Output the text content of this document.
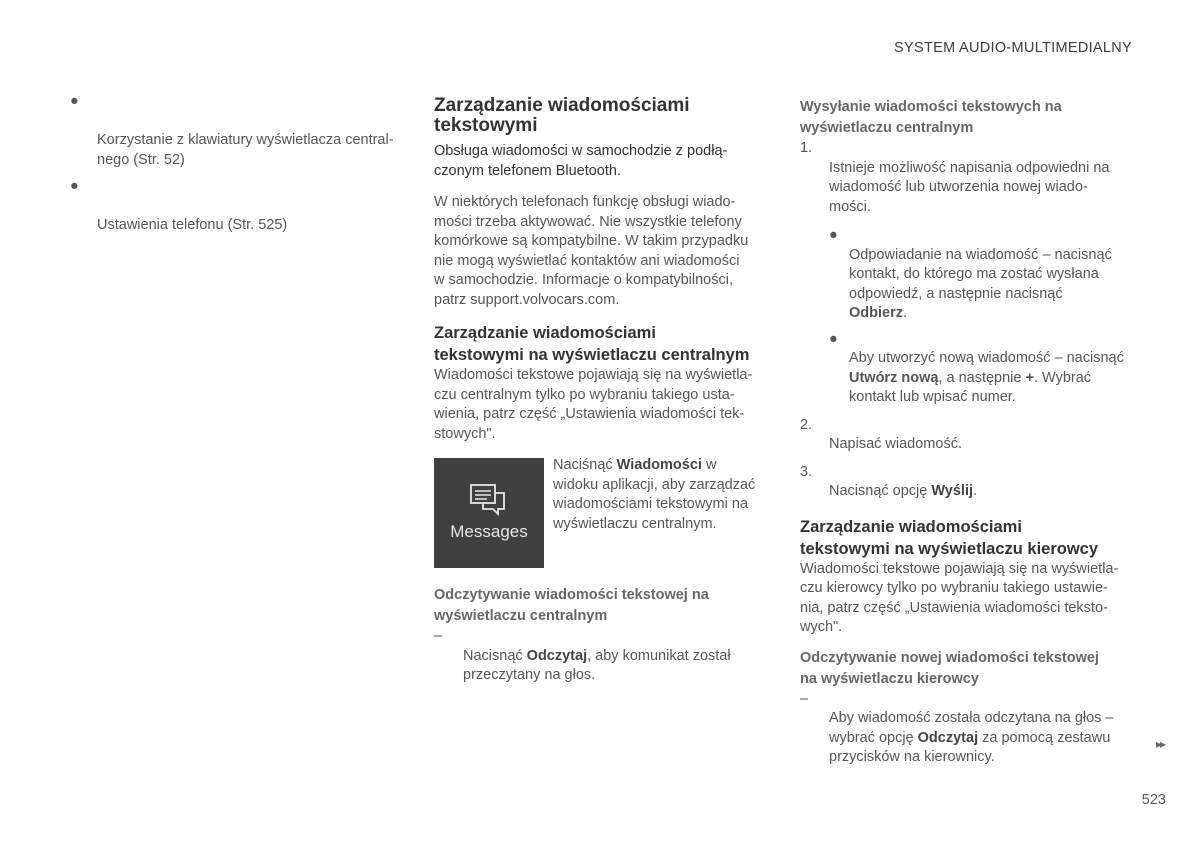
SYSTEM AUDIO-MULTIMEDIALNY

●

Korzystanie z klawiatury wyświetlacza central-
nego (Str. 52)

●

Ustawienia telefonu (Str. 525)

Zarządzanie wiadomościami
tekstowymi

Obsługa wiadomości w samochodzie z podłą-
czonym telefonem Bluetooth.

W niektórych telefonach funkcję obsługi wiado-
mości trzeba aktywować. Nie wszystkie telefony
komórkowe są kompatybilne. W takim przypadku
nie mogą wyświetlać kontaktów ani wiadomości
w samochodzie. Informacje o kompatybilności,
patrz support.volvocars.com.

Zarządzanie wiadomościami
tekstowymi na wyświetlaczu centralnym

Wiadomości tekstowe pojawiają się na wyświetla-
czu centralnym tylko po wybraniu takiego usta-
wienia, patrz część „Ustawienia wiadomości tek-
stowych".

Messages

Naciśnąć Wiadomości w
widoku aplikacji, aby zarządzać
wiadomościami tekstowymi na
wyświetlaczu centralnym.

Odczytywanie wiadomości tekstowej na
wyświetlaczu centralnym

–
Nacisnąć Odczytaj, aby komunikat został
przeczytany na głos.

Wysyłanie wiadomości tekstowych na
wyświetlaczu centralnym

1.
Istnieje możliwość napisania odpowiedni na
wiadomość lub utworzenia nowej wiado-
mości.

●
Odpowiadanie na wiadomość – nacisnąć
kontakt, do którego ma zostać wysłana
odpowiedź, a następnie nacisnąć
Odbierz.

●
Aby utworzyć nową wiadomość – nacisnąć
Utwórz nową, a następnie +. Wybrać
kontakt lub wpisać numer.

2.
Napisać wiadomość.

3.
Nacisnąć opcję Wyślij.

Zarządzanie wiadomościami
tekstowymi na wyświetlaczu kierowcy

Wiadomości tekstowe pojawiają się na wyświetla-
czu kierowcy tylko po wybraniu takiego ustawie-
nia, patrz część „Ustawienia wiadomości teksto-
wych".

Odczytywanie nowej wiadomości tekstowej
na wyświetlaczu kierowcy

–
Aby wiadomość została odczytana na głos –
wybrać opcję Odczytaj za pomocą zestawu
przycisków na kierownicy.

▸▸
523
